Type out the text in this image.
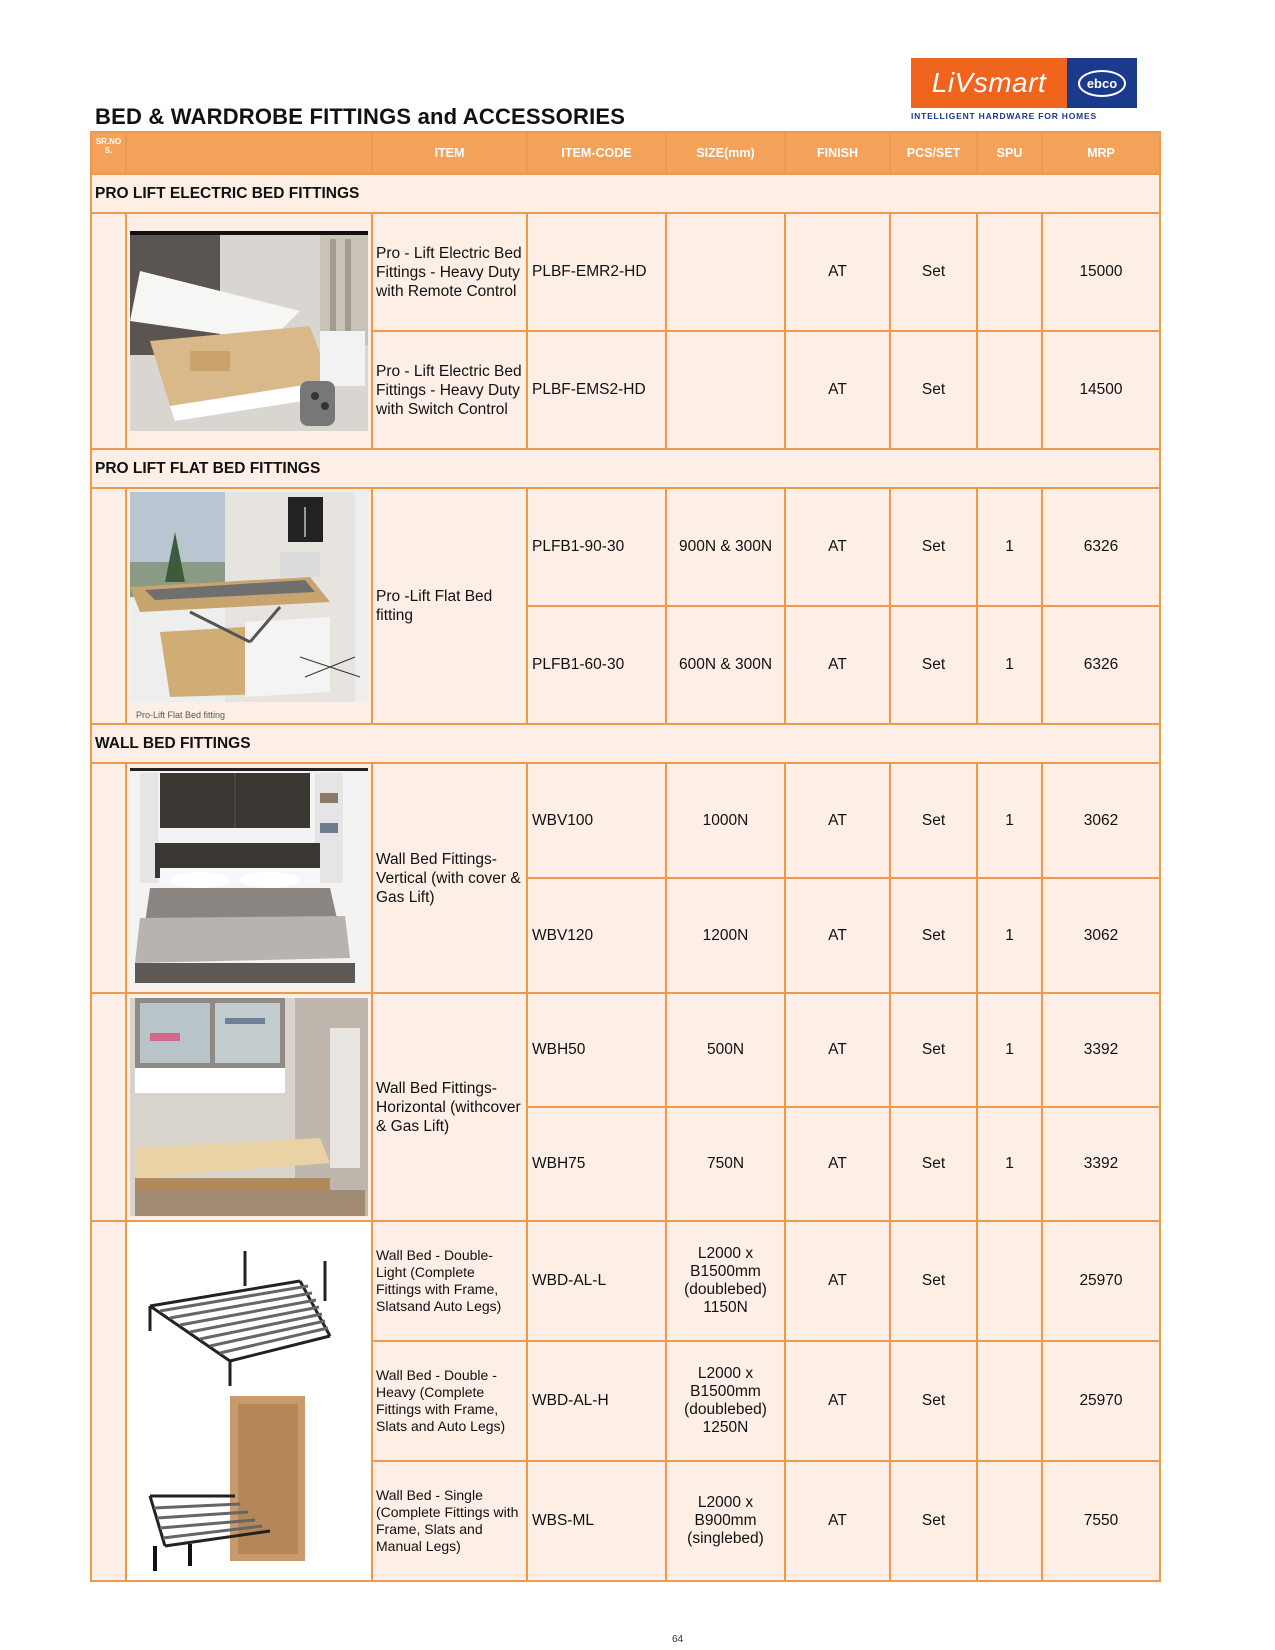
BED & WARDROBE FITTINGS and ACCESSORIES
LiVsmart	ebco
INTELLIGENT HARDWARE FOR HOMES
SR.NO S.		ITEM	ITEM-CODE	SIZE(mm)	FINISH	PCS/SET	SPU	MRP
PRO LIFT ELECTRIC BED FITTINGS								

	Pro - Lift Electric Bed Fittings - Heavy Duty with Remote Control	PLBF-EMR2-HD		AT	Set		15000
		Pro - Lift Electric Bed Fittings - Heavy Duty with Switch Control	PLBF-EMS2-HD		AT	Set		14500
PRO LIFT FLAT BED FITTINGS								

	Pro-Lift Flat Bed fitting	Pro -Lift Flat Bed fitting	PLFB1-90-30	900N & 300N	AT	Set	1	6326
			PLFB1-60-30	600N & 300N	AT	Set	1	6326
WALL BED FITTINGS								

	Wall Bed Fittings-Vertical (with cover & Gas Lift)	WBV100	1000N	AT	Set	1	3062
			WBV120	1200N	AT	Set	1	3062

	Wall Bed Fittings-Horizontal (withcover & Gas Lift)	WBH50	500N	AT	Set	1	3392
			WBH75	750N	AT	Set	1	3392

	Wall Bed - Double-Light (Complete Fittings with Frame, Slatsand Auto Legs)	WBD-AL-L	L2000 x B1500mm (doublebed) 1150N	AT	Set		25970
		Wall Bed - Double - Heavy (Complete Fittings with Frame, Slats and Auto Legs)	WBD-AL-H	L2000 x B1500mm (doublebed) 1250N	AT	Set		25970
		Wall Bed - Single (Complete Fittings with Frame, Slats and Manual Legs)	WBS-ML	L2000 x B900mm (singlebed)	AT	Set		7550
64
